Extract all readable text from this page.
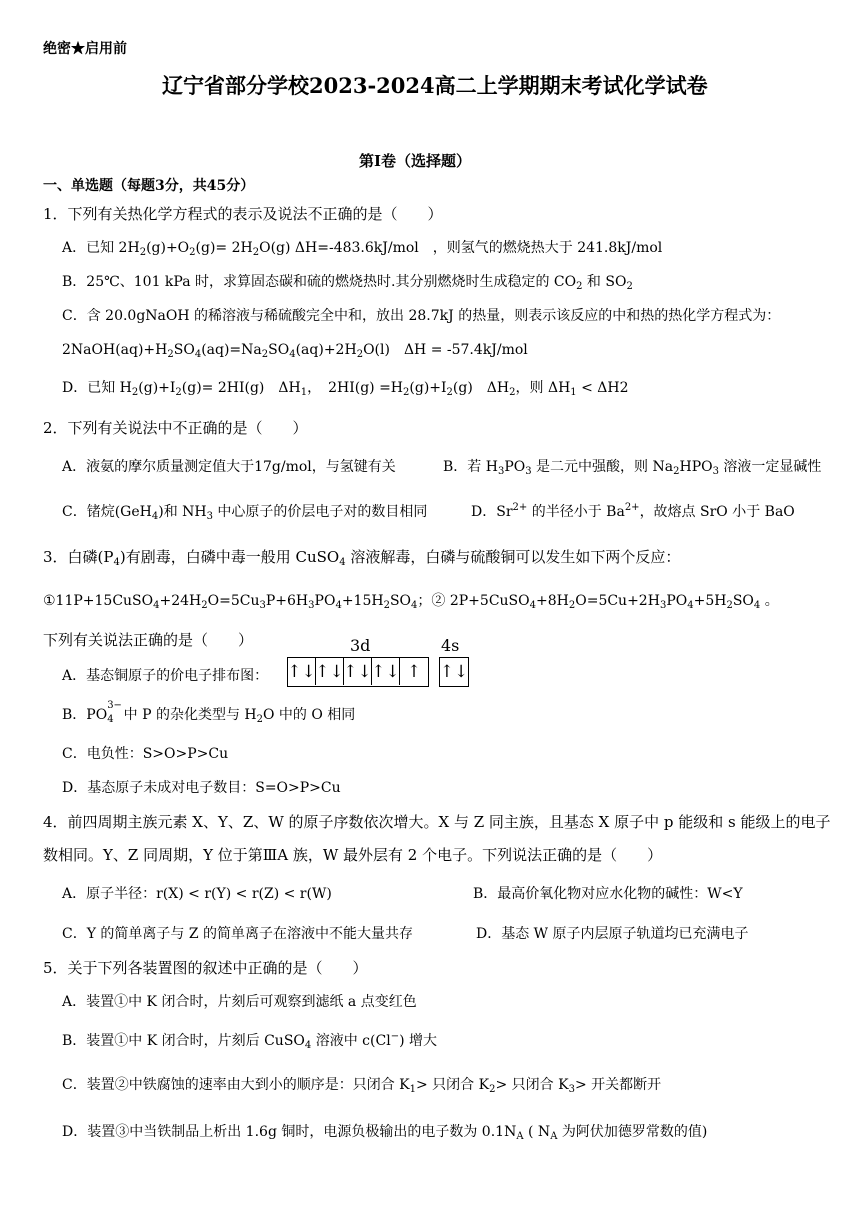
绝密★启用前
辽宁省部分学校2023-2024高二上学期期末考试化学试卷
第Ⅰ卷（选择题）
一、单选题（每题3分，共45分）
1．下列有关热化学方程式的表示及说法不正确的是（　　）
A．已知 $2H_2(g)+O_2(g)= 2H_2O(g)$ ΔH=-483.6kJ/mol　，则氢气的燃烧热大于 241.8kJ/mol
B．25℃、101 kPa 时，求算固态碳和硫的燃烧热时.其分别燃烧时生成稳定的 $CO_2$ 和 $SO_2$
C．含 20.0gNaOH 的稀溶液与稀硫酸完全中和，放出 28.7kJ 的热量，则表示该反应的中和热的热化学方程式为：
$2NaOH(aq)+H_2SO_4(aq)=Na_2SO_4(aq)+2H_2O(l)$　ΔH = -57.4kJ/mol
D．已知 $H_2(g)+I_2(g)= 2HI(g)$　$\Delta H_1$，　$2HI(g) =H_2(g)+I_2(g)$　$\Delta H_2$，则 $\Delta H_1 < \Delta H2$
2．下列有关说法中不正确的是（　　）
A．液氨的摩尔质量测定值大于17g/mol，与氢键有关	B．若 $H_3PO_3$ 是二元中强酸，则 $Na_2HPO_3$ 溶液一定显碱性
C．锗烷(GeH$_4$)和 $NH_3$ 中心原子的价层电子对的数目相同	D．$Sr^{2+}$ 的半径小于 $Ba^{2+}$，故熔点 SrO 小于 BaO
3．白磷$(P_4)$有剧毒，白磷中毒一般用 CuSO$_4$ 溶液解毒，白磷与硫酸铜可以发生如下两个反应：
$①11P+15CuSO_4+24H_2O=5Cu_3P+6H_3PO_4+15H_2SO_4$；② $2P+5CuSO_4+8H_2O=5Cu+2H_3PO_4+5H_2SO_4$ 。
下列有关说法正确的是（　　）	3d	4s
A．基态铜原子的价电子排布图： ↑↓ ↑↓ ↑↓ ↑↓ ↑	↑↓
B．PO
3−
4 中 P 的杂化类型与 $H_2O$ 中的 O 相同
C．电负性：S>O>P>Cu
D．基态原子未成对电子数目：S=O>P>Cu
4．前四周期主族元素 X、Y、Z、W 的原子序数依次增大。X 与 Z 同主族，且基态 X 原子中 p 能级和 s 能级上的电子
数相同。Y、Z 同周期，Y 位于第ⅢA 族，W 最外层有 2 个电子。下列说法正确的是（　　）
A．原子半径：r(X) < r(Y) < r(Z) < r(W)	B．最高价氧化物对应水化物的碱性：W<Y
C．Y 的简单离子与 Z 的简单离子在溶液中不能大量共存	D．基态 W 原子内层原子轨道均已充满电子
5．关于下列各装置图的叙述中正确的是（　　）
A．装置①中 K 闭合时，片刻后可观察到滤纸 a 点变红色
B．装置①中 K 闭合时，片刻后 CuSO$_4$ 溶液中 c(Cl−) 增大
C．装置②中铁腐蚀的速率由大到小的顺序是：只闭合 $K_1>$ 只闭合 $K_2>$ 只闭合 $K_3>$ 开关都断开
D．装置③中当铁制品上析出 1.6g 铜时，电源负极输出的电子数为 $0.1N_A$ ( $N_A$ 为阿伏加德罗常数的值)
